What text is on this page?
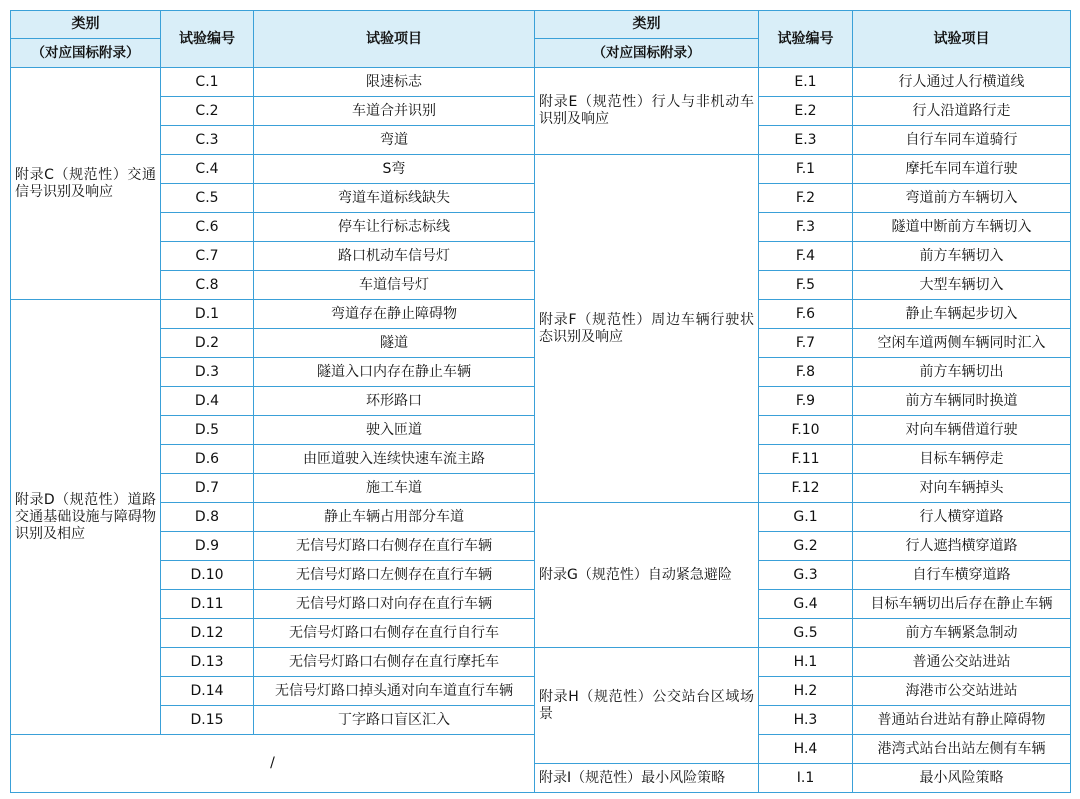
类别	试验编号	试验项目	类别	试验编号	试验项目
（对应国标附录）			（对应国标附录）		
附录C（规范性）交通信号识别及响应	C.1	限速标志	附录E（规范性）行人与非机动车识别及响应	E.1	行人通过人行横道线
	C.2	车道合并识别		E.2	行人沿道路行走
	C.3	弯道		E.3	自行车同车道骑行
	C.4	S弯	附录F（规范性）周边车辆行驶状态识别及响应	F.1	摩托车同车道行驶
	C.5	弯道车道标线缺失		F.2	弯道前方车辆切入
	C.6	停车让行标志标线		F.3	隧道中断前方车辆切入
	C.7	路口机动车信号灯		F.4	前方车辆切入
	C.8	车道信号灯		F.5	大型车辆切入
附录D（规范性）道路交通基础设施与障碍物识别及相应	D.1	弯道存在静止障碍物		F.6	静止车辆起步切入
	D.2	隧道		F.7	空闲车道两侧车辆同时汇入
	D.3	隧道入口内存在静止车辆		F.8	前方车辆切出
	D.4	环形路口		F.9	前方车辆同时换道
	D.5	驶入匝道		F.10	对向车辆借道行驶
	D.6	由匝道驶入连续快速车流主路		F.11	目标车辆停走
	D.7	施工车道		F.12	对向车辆掉头
	D.8	静止车辆占用部分车道	附录G（规范性）自动紧急避险	G.1	行人横穿道路
	D.9	无信号灯路口右侧存在直行车辆		G.2	行人遮挡横穿道路
	D.10	无信号灯路口左侧存在直行车辆		G.3	自行车横穿道路
	D.11	无信号灯路口对向存在直行车辆		G.4	目标车辆切出后存在静止车辆
	D.12	无信号灯路口右侧存在直行自行车		G.5	前方车辆紧急制动
	D.13	无信号灯路口右侧存在直行摩托车	附录H（规范性）公交站台区域场景	H.1	普通公交站进站
	D.14	无信号灯路口掉头通对向车道直行车辆		H.2	海港市公交站进站
	D.15	丁字路口盲区汇入		H.3	普通站台进站有静止障碍物
/				H.4	港湾式站台出站左侧有车辆
			附录I（规范性）最小风险策略	I.1	最小风险策略
